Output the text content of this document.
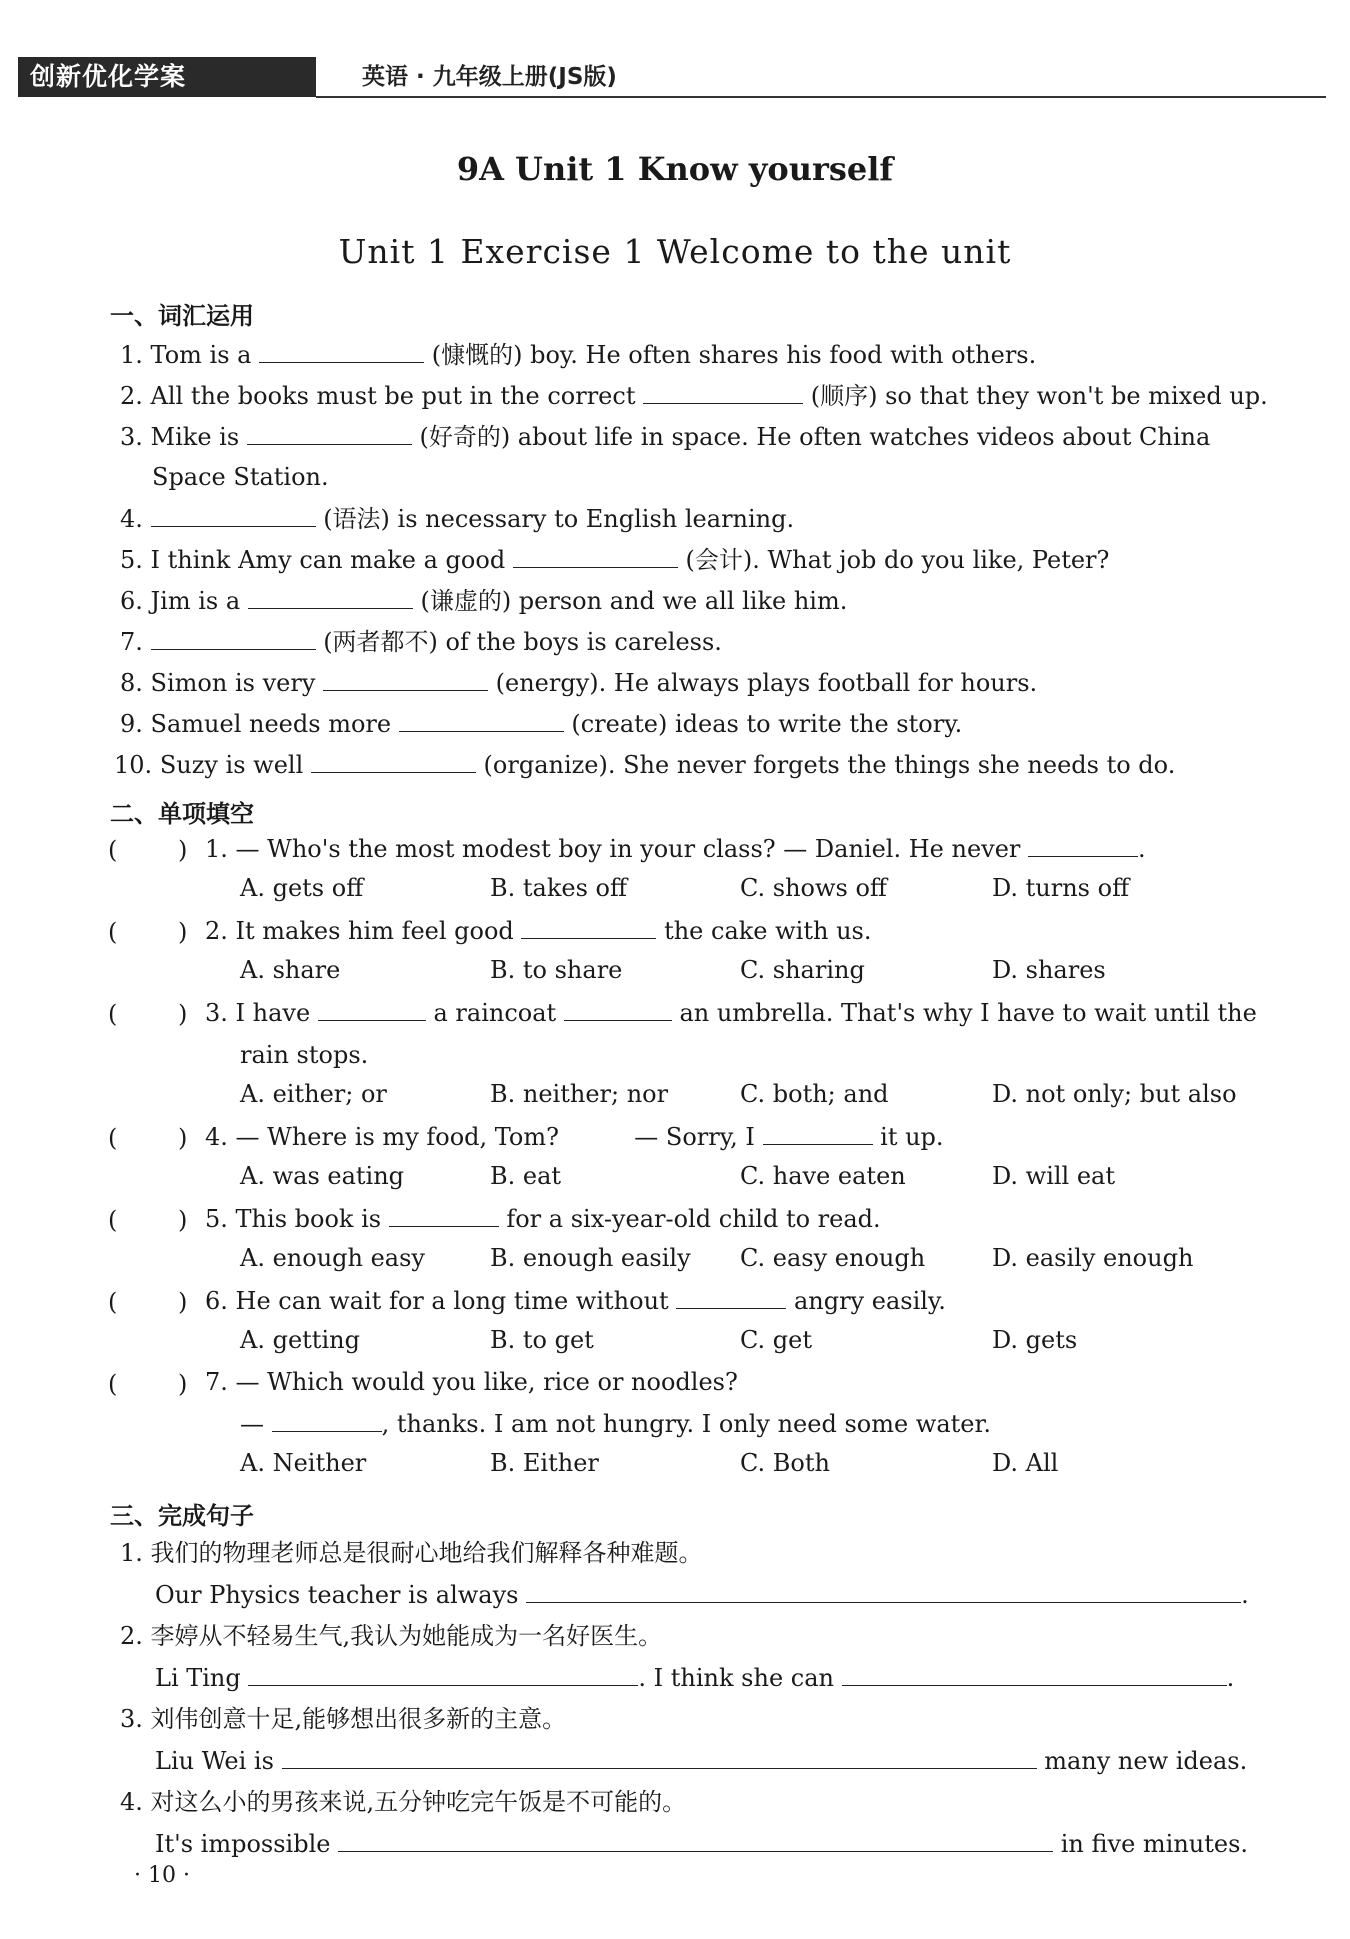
创新优化学案	英语 · 九年级上册(JS版)
9A Unit 1 Know yourself
Unit 1 Exercise 1 Welcome to the unit
一、词汇运用
1. Tom is a	(慷慨的) boy. He often shares his food with others.
2. All the books must be put in the correct	(顺序) so that they won't be mixed up.
3. Mike is	(好奇的) about life in space. He often watches videos about China
Space Station.
4.	(语法) is necessary to English learning.
5. I think Amy can make a good	(会计). What job do you like, Peter?
6. Jim is a	(谦虚的) person and we all like him.
7.	(两者都不) of the boys is careless.
8. Simon is very	(energy). He always plays football for hours.
9. Samuel needs more	(create) ideas to write the story.
10. Suzy is well	(organize). She never forgets the things she needs to do.
二、单项填空
(	) 1. — Who's the most modest boy in your class? — Daniel. He never	.
A. gets off	B. takes off	C. shows off	D. turns off
(	) 2. It makes him feel good	the cake with us.
A. share	B. to share	C. sharing	D. shares
(	) 3. I have	a raincoat	an umbrella. That's why I have to wait until the
rain stops.
A. either; or	B. neither; nor	C. both; and	D. not only; but also
(	) 4. — Where is my food, Tom?	— Sorry, I	it up.
A. was eating	B. eat	C. have eaten	D. will eat
(	) 5. This book is	for a six-year-old child to read.
A. enough easy	B. enough easily C. easy enough	D. easily enough
(	) 6. He can wait for a long time without	angry easily.
A. getting	B. to get	C. get	D. gets
(	) 7. — Which would you like, rice or noodles?
—	, thanks. I am not hungry. I only need some water.
A. Neither	B. Either	C. Both	D. All
三、完成句子
1. 我们的物理老师总是很耐心地给我们解释各种难题。
Our Physics teacher is always	.
2. 李婷从不轻易生气,我认为她能成为一名好医生。
Li Ting	. I think she can	.
3. 刘伟创意十足,能够想出很多新的主意。
Liu Wei is	many new ideas.
4. 对这么小的男孩来说,五分钟吃完午饭是不可能的。
It's impossible	in five minutes.
· 10 ·
